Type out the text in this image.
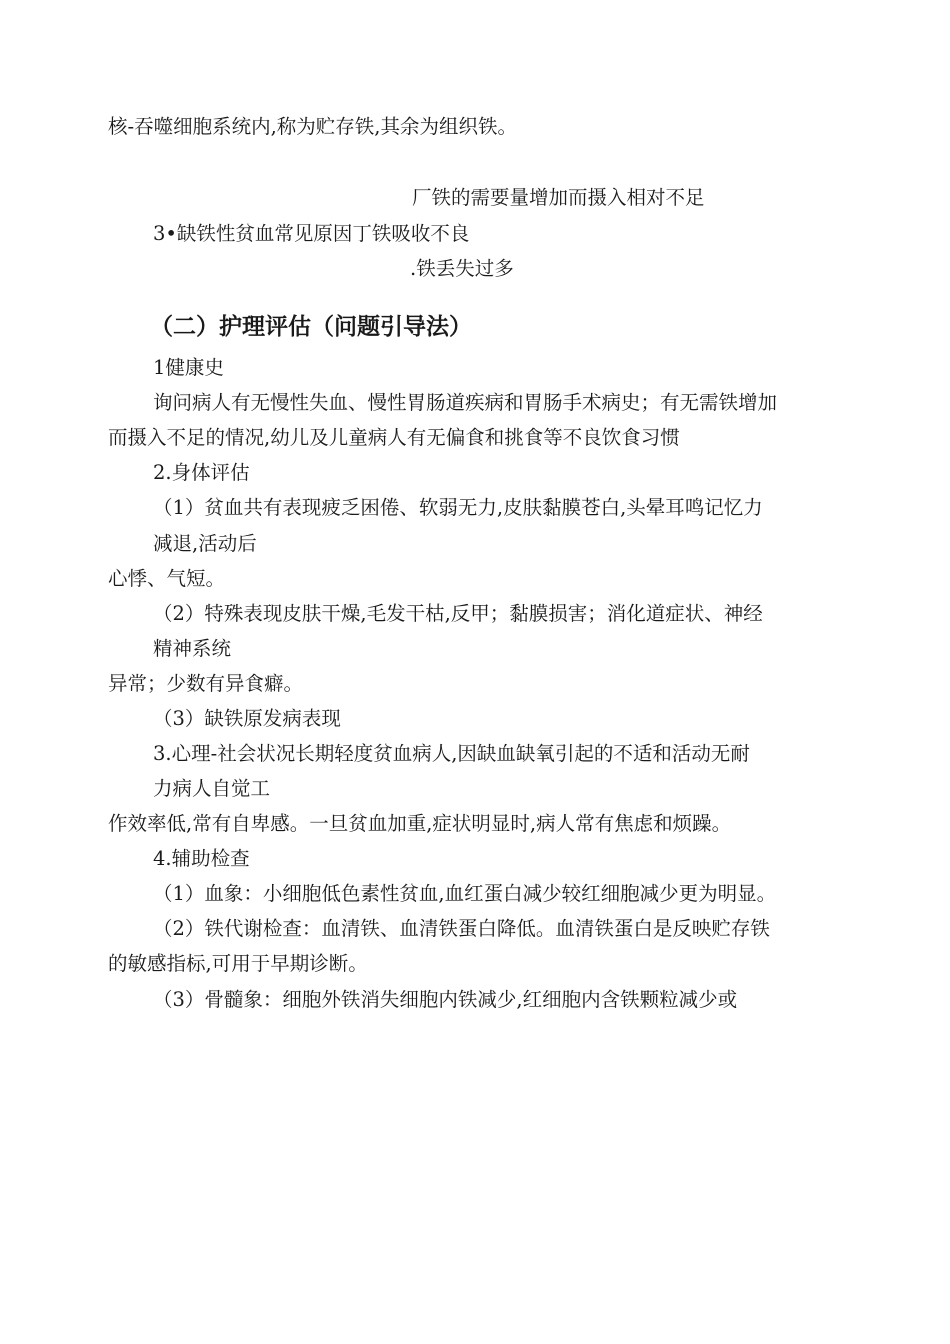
核-吞噬细胞系统内,称为贮存铁,其余为组织铁。

厂铁的需要量增加而摄入相对不足

3•缺铁性贫血常见原因丁铁吸收不良

.铁丢失过多

（二）护理评估（问题引导法）

1健康史

询问病人有无慢性失血、慢性胃肠道疾病和胃肠手术病史；有无需铁增加

而摄入不足的情况,幼儿及儿童病人有无偏食和挑食等不良饮食习惯

2.身体评估

（1）贫血共有表现疲乏困倦、软弱无力,皮肤黏膜苍白,头晕耳鸣记忆力

减退,活动后

心悸、气短。

（2）特殊表现皮肤干燥,毛发干枯,反甲；黏膜损害；消化道症状、神经

精神系统

异常；少数有异食癖。

（3）缺铁原发病表现

3.心理-社会状况长期轻度贫血病人,因缺血缺氧引起的不适和活动无耐

力病人自觉工

作效率低,常有自卑感。一旦贫血加重,症状明显时,病人常有焦虑和烦躁。

4.辅助检查

（1）血象：小细胞低色素性贫血,血红蛋白减少较红细胞减少更为明显。

（2）铁代谢检查：血清铁、血清铁蛋白降低。血清铁蛋白是反映贮存铁

的敏感指标,可用于早期诊断。

（3）骨髓象：细胞外铁消失细胞内铁减少,红细胞内含铁颗粒减少或
